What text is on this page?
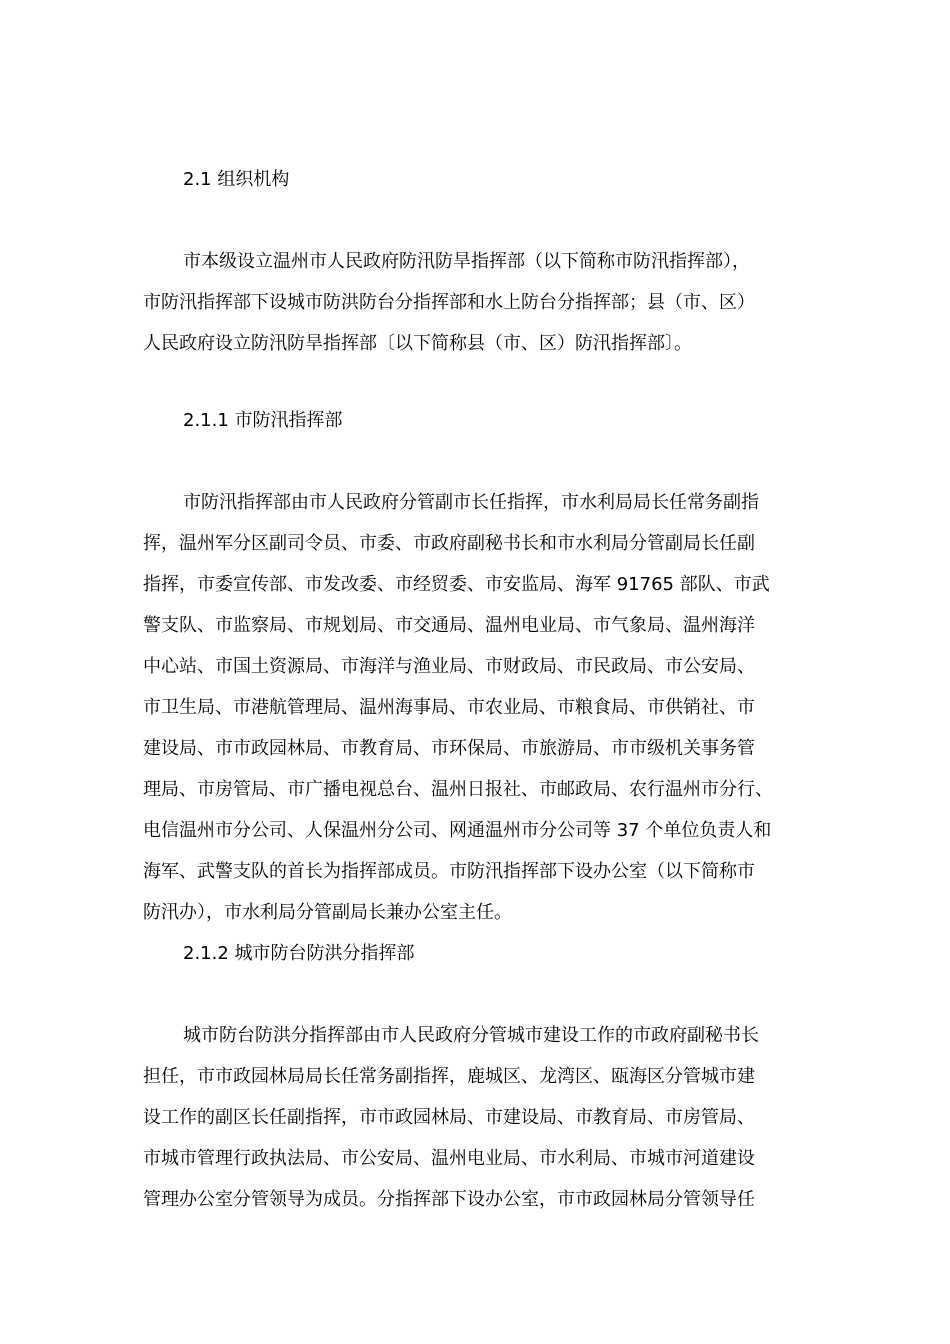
2.1 组织机构
市本级设立温州市人民政府防汛防旱指挥部（以下简称市防汛指挥部），
市防汛指挥部下设城市防洪防台分指挥部和水上防台分指挥部；县（市、区）
人民政府设立防汛防旱指挥部〔以下简称县（市、区）防汛指挥部〕。
2.1.1 市防汛指挥部
市防汛指挥部由市人民政府分管副市长任指挥，市水利局局长任常务副指
挥，温州军分区副司令员、市委、市政府副秘书长和市水利局分管副局长任副
指挥，市委宣传部、市发改委、市经贸委、市安监局、海军 91765 部队、市武
警支队、市监察局、市规划局、市交通局、温州电业局、市气象局、温州海洋
中心站、市国土资源局、市海洋与渔业局、市财政局、市民政局、市公安局、
市卫生局、市港航管理局、温州海事局、市农业局、市粮食局、市供销社、市
建设局、市市政园林局、市教育局、市环保局、市旅游局、市市级机关事务管
理局、市房管局、市广播电视总台、温州日报社、市邮政局、农行温州市分行、
电信温州市分公司、人保温州分公司、网通温州市分公司等 37 个单位负责人和
海军、武警支队的首长为指挥部成员。市防汛指挥部下设办公室（以下简称市
防汛办），市水利局分管副局长兼办公室主任。
2.1.2 城市防台防洪分指挥部
城市防台防洪分指挥部由市人民政府分管城市建设工作的市政府副秘书长
担任，市市政园林局局长任常务副指挥，鹿城区、龙湾区、瓯海区分管城市建
设工作的副区长任副指挥，市市政园林局、市建设局、市教育局、市房管局、
市城市管理行政执法局、市公安局、温州电业局、市水利局、市城市河道建设
管理办公室分管领导为成员。分指挥部下设办公室，市市政园林局分管领导任
